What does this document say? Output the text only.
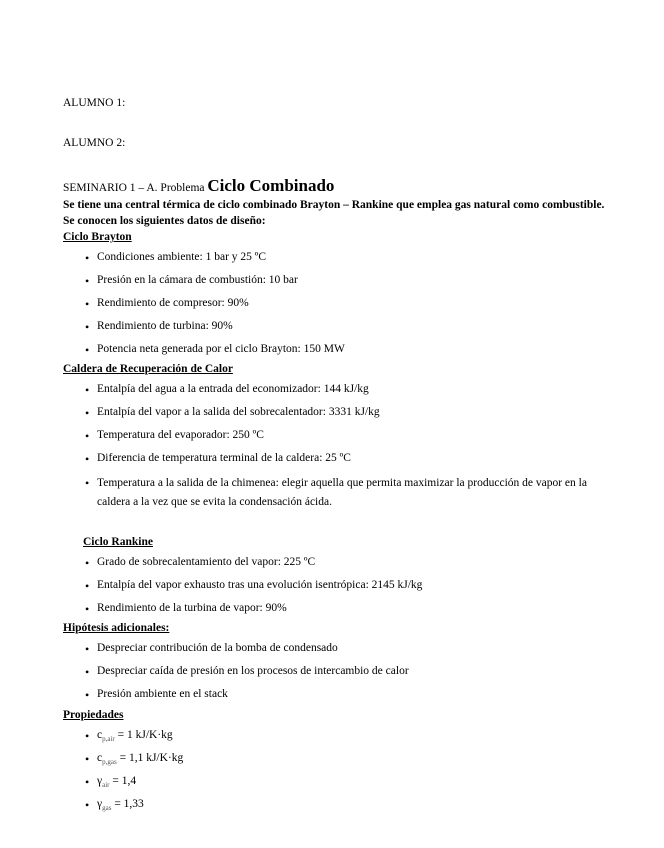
ALUMNO 1:
ALUMNO 2:
SEMINARIO 1 – A. Problema Ciclo Combinado
Se tiene una central térmica de ciclo combinado Brayton – Rankine que emplea gas natural como combustible. Se conocen los siguientes datos de diseño:
Ciclo Brayton
• Condiciones ambiente: 1 bar y 25 ºC
• Presión en la cámara de combustión: 10 bar
• Rendimiento de compresor: 90%
• Rendimiento de turbina: 90%
• Potencia neta generada por el ciclo Brayton: 150 MW
Caldera de Recuperación de Calor
• Entalpía del agua a la entrada del economizador: 144 kJ/kg
• Entalpía del vapor a la salida del sobrecalentador: 3331 kJ/kg
• Temperatura del evaporador: 250 ºC
• Diferencia de temperatura terminal de la caldera: 25 ºC
• Temperatura a la salida de la chimenea: elegir aquella que permita maximizar la producción de vapor en la caldera a la vez que se evita la condensación ácida.
Ciclo Rankine
• Grado de sobrecalentamiento del vapor: 225 ºC
• Entalpía del vapor exhausto tras una evolución isentrópica: 2145 kJ/kg
• Rendimiento de la turbina de vapor: 90%
Hipótesis adicionales:
• Despreciar contribución de la bomba de condensado
• Despreciar caída de presión en los procesos de intercambio de calor
• Presión ambiente en el stack
Propiedades
• $c_{p,air} = 1$ kJ/K·kg
• $c_{p,gas} = 1,1$ kJ/K·kg
• $\gamma_{air} = 1,4$
• $\gamma_{gas} = 1,33$
